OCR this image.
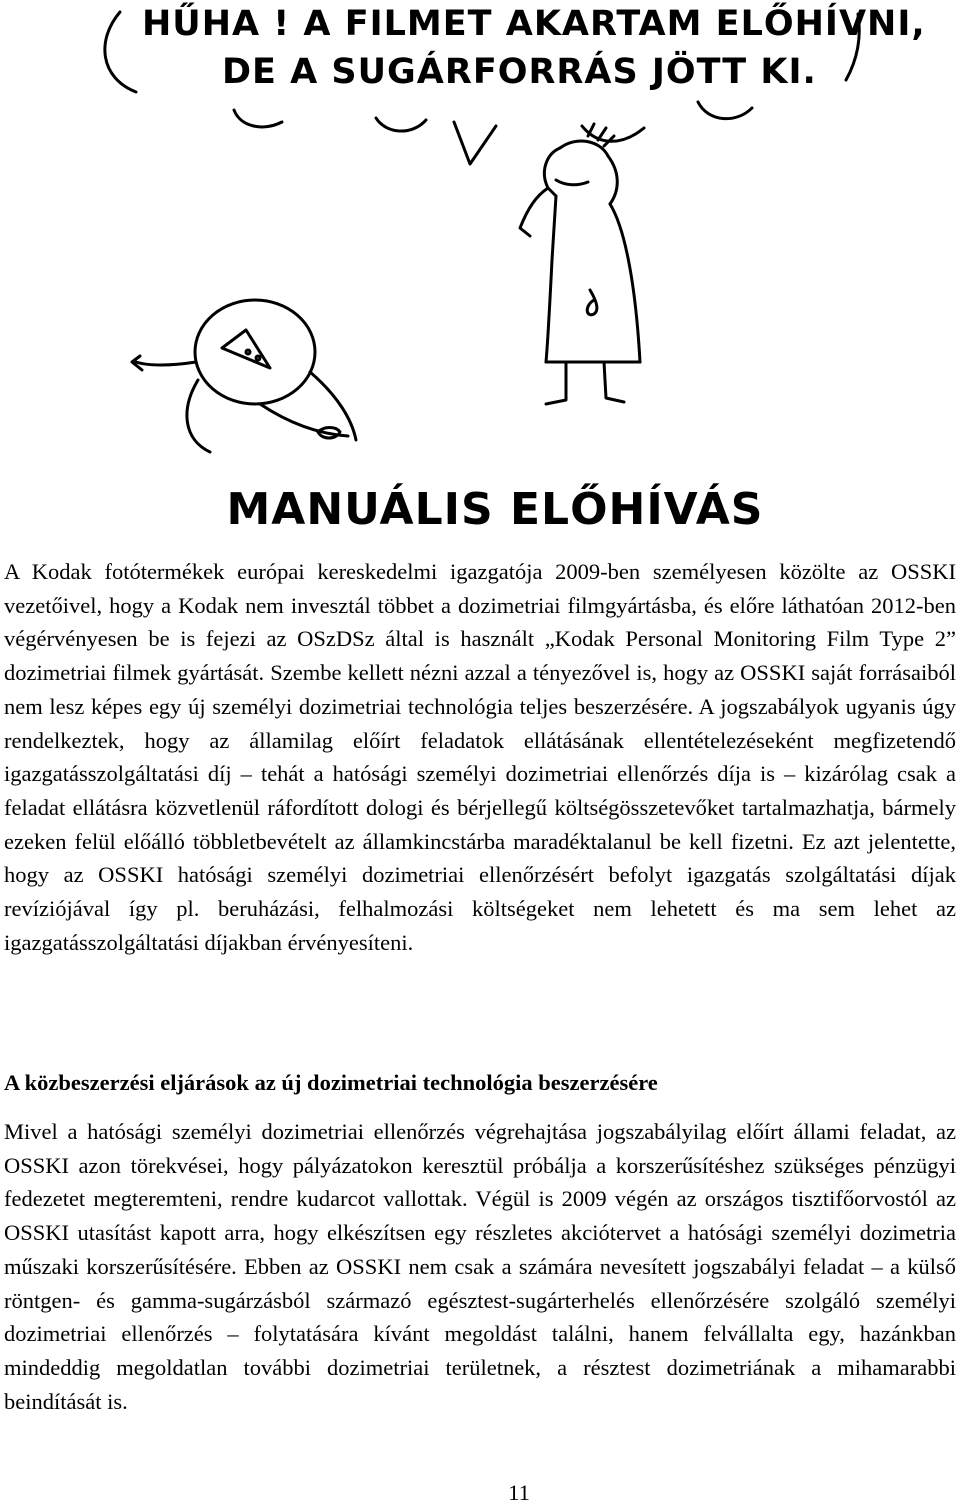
HŰHA ! A FILMET AKARTAM ELŐHÍVNI,
DE A SUGÁRFORRÁS JÖTT KI.
MANUÁLIS ELŐHÍVÁS

A Kodak fotótermékek európai kereskedelmi igazgatója 2009-ben személyesen közölte az OSSKI vezetőivel, hogy a Kodak nem invesztál többet a dozimetriai filmgyártásba, és előre láthatóan 2012-ben végérvényesen be is fejezi az OSzDSz által is használt „Kodak Personal Monitoring Film Type 2” dozimetriai filmek gyártását. Szembe kellett nézni azzal a tényezővel is, hogy az OSSKI saját forrásaiból nem lesz képes egy új személyi dozimetriai technológia teljes beszerzésére. A jogszabályok ugyanis úgy rendelkeztek, hogy az államilag előírt feladatok ellátásának ellentételezéseként megfizetendő igazgatásszolgáltatási díj – tehát a hatósági személyi dozimetriai ellenőrzés díja is – kizárólag csak a feladat ellátásra közvetlenül ráfordított dologi és bérjellegű költségösszetevőket tartalmazhatja, bármely ezeken felül előálló többletbevételt az államkincstárba maradéktalanul be kell fizetni. Ez azt jelentette, hogy az OSSKI hatósági személyi dozimetriai ellenőrzésért befolyt igazgatás szolgáltatási díjak revíziójával így pl. beruházási, felhalmozási költségeket nem lehetett és ma sem lehet az igazgatásszolgáltatási díjakban érvényesíteni.

A közbeszerzési eljárások az új dozimetriai technológia beszerzésére

Mivel a hatósági személyi dozimetriai ellenőrzés végrehajtása jogszabályilag előírt állami feladat, az OSSKI azon törekvései, hogy pályázatokon keresztül próbálja a korszerűsítéshez szükséges pénzügyi fedezetet megteremteni, rendre kudarcot vallottak. Végül is 2009 végén az országos tisztifőorvostól az OSSKI utasítást kapott arra, hogy elkészítsen egy részletes akciótervet a hatósági személyi dozimetria műszaki korszerűsítésére. Ebben az OSSKI nem csak a számára nevesített jogszabályi feladat – a külső röntgen- és gamma-sugárzásból származó egésztest-sugárterhelés ellenőrzésére szolgáló személyi dozimetriai ellenőrzés – folytatására kívánt megoldást találni, hanem felvállalta egy, hazánkban mindeddig megoldatlan további dozimetriai területnek, a résztest dozimetriának a mihamarabbi beindítását is.

11
